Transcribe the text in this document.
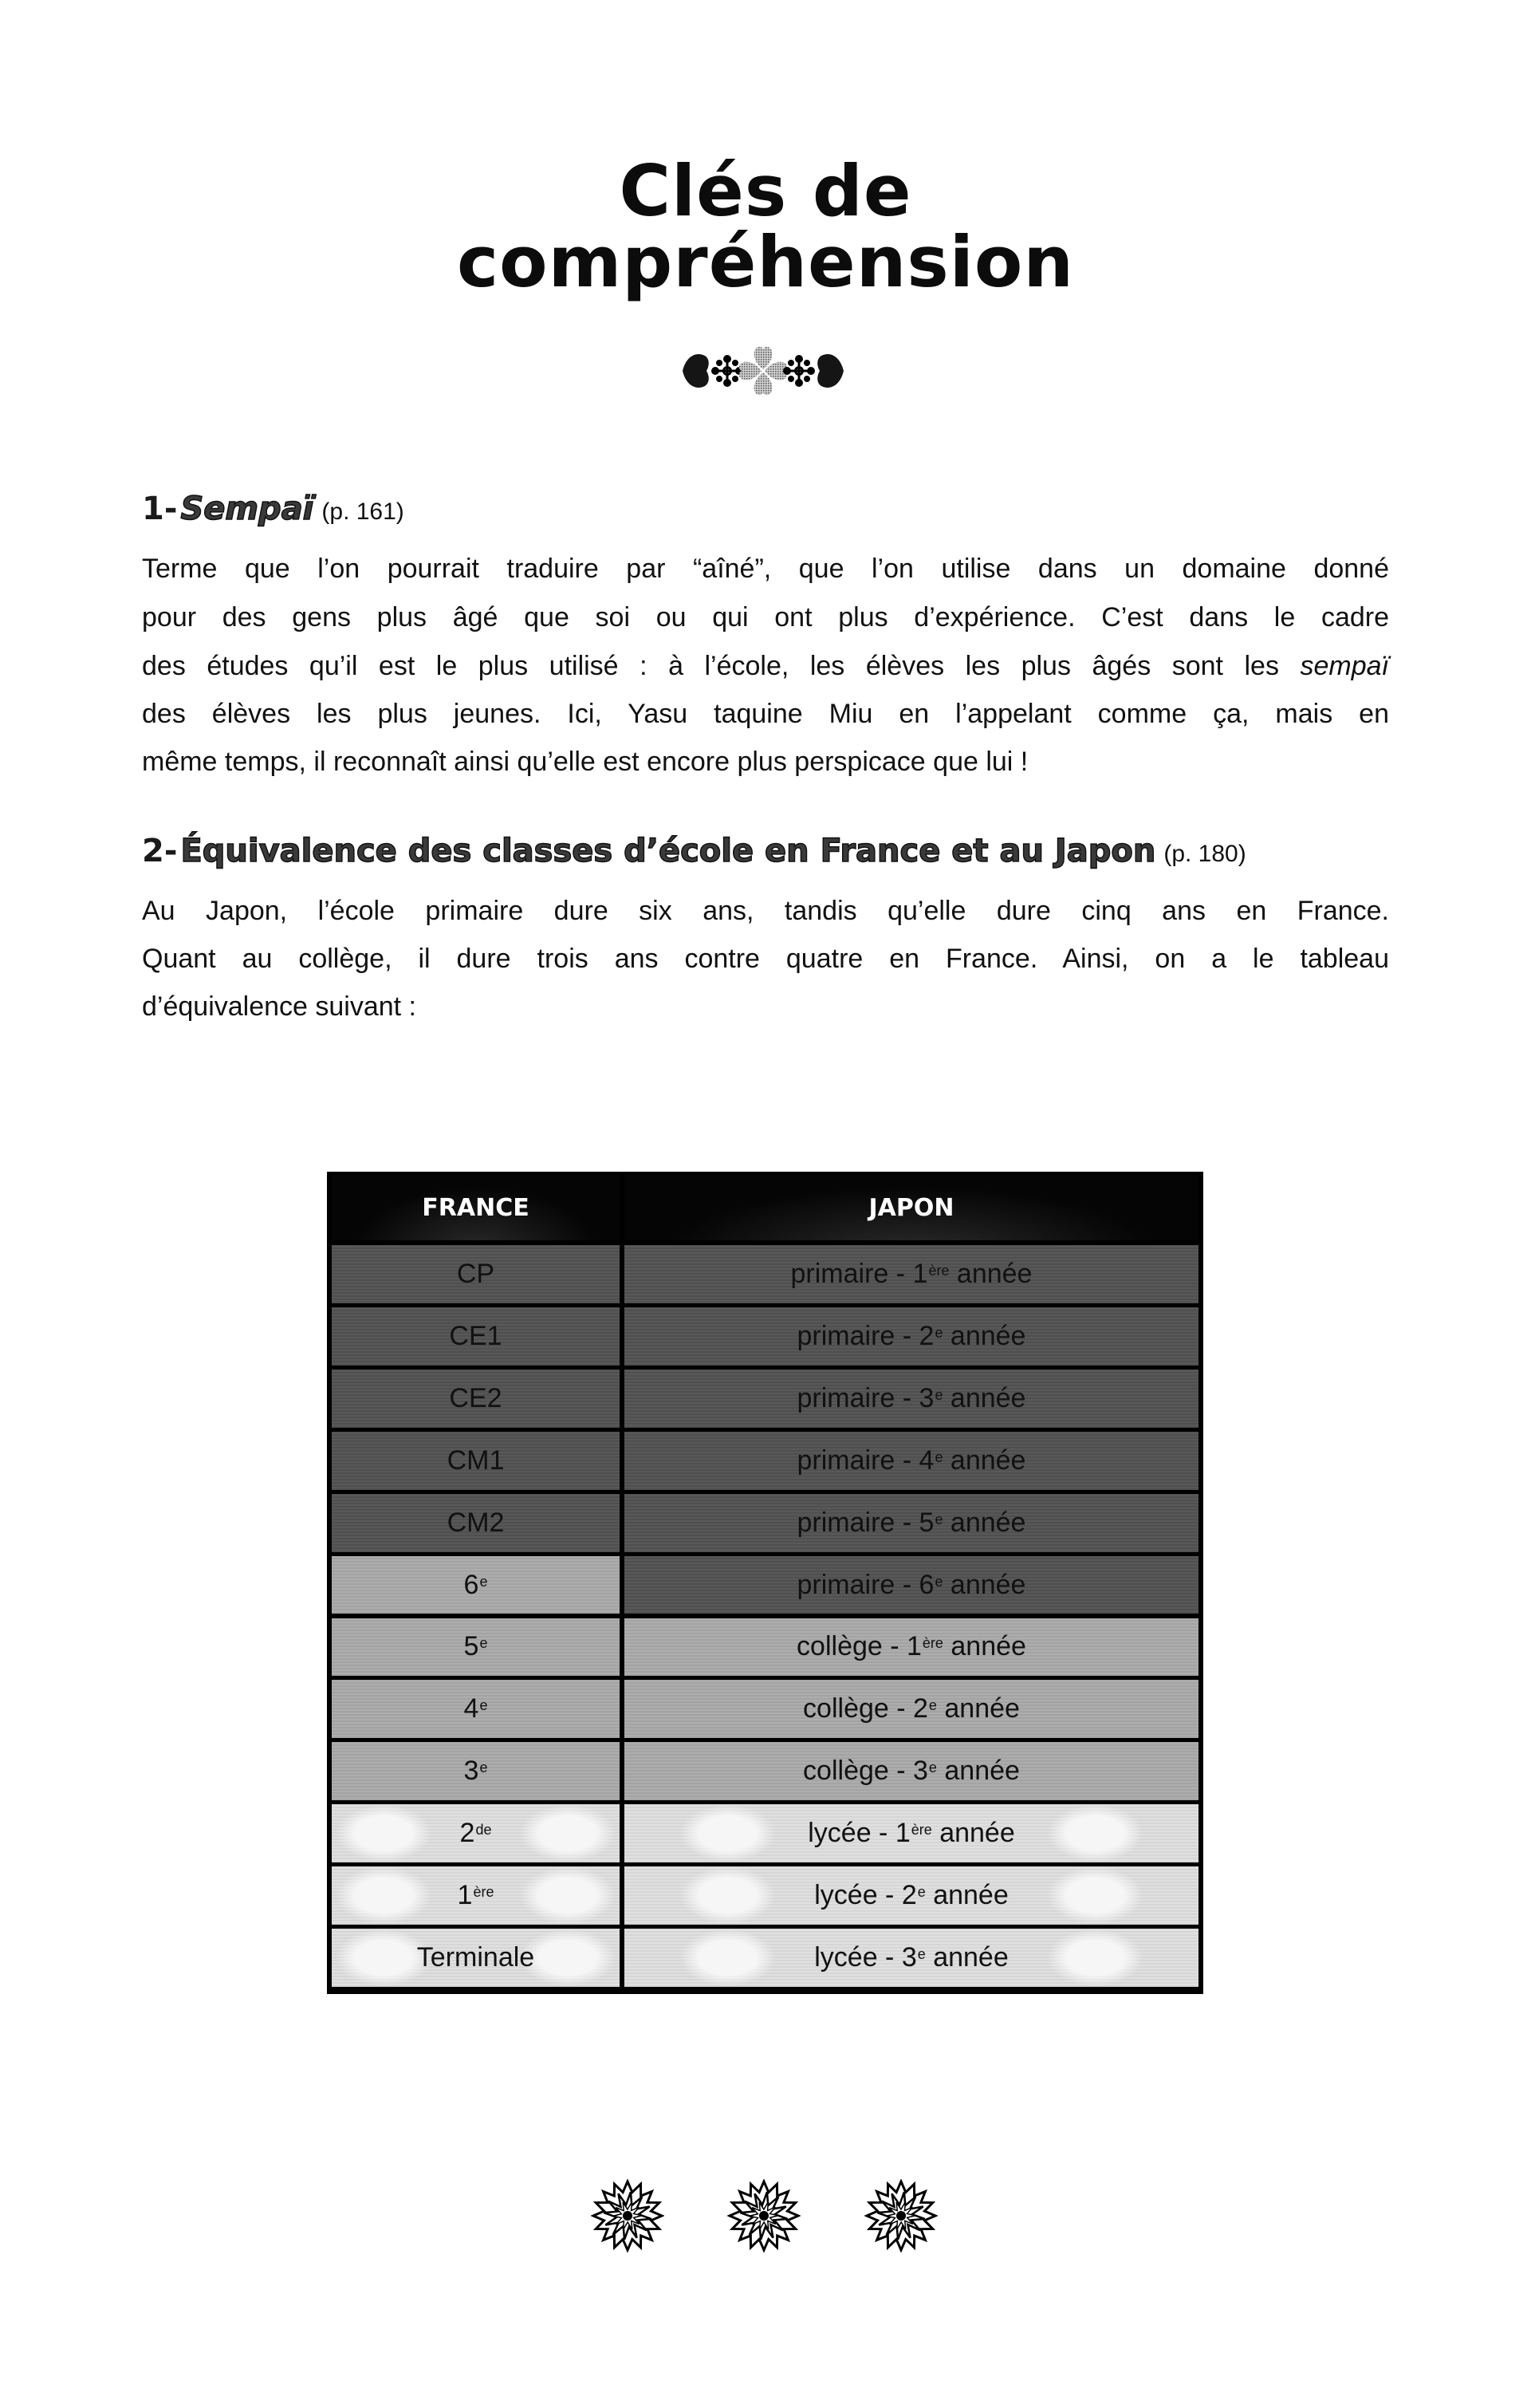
Clés de
compréhension
1- Sempaï (p. 161)
Terme que l’on pourrait traduire par “aîné”, que l’on utilise dans un domaine donné
pour des gens plus âgé que soi ou qui ont plus d’expérience. C’est dans le cadre
des études qu’il est le plus utilisé : à l’école, les élèves les plus âgés sont les sempaï
des élèves les plus jeunes. Ici, Yasu taquine Miu en l’appelant comme ça, mais en
même temps, il reconnaît ainsi qu’elle est encore plus perspicace que lui !
2- Équivalence des classes d’école en France et au Japon (p. 180)
Au Japon, l’école primaire dure six ans, tandis qu’elle dure cinq ans en France.
Quant au collège, il dure trois ans contre quatre en France. Ainsi, on a le tableau
d’équivalence suivant :
FRANCE	JAPON
CP	primaire - 1ère année
CE1	primaire - 2e année
CE2	primaire - 3e année
CM1	primaire - 4e année
CM2	primaire - 5e année
6e	primaire - 6e année
5e	collège - 1ère année
4e	collège - 2e année
3e	collège - 3e année
2de	lycée - 1ère année
1ère	lycée - 2e année
Terminale	lycée - 3e année
